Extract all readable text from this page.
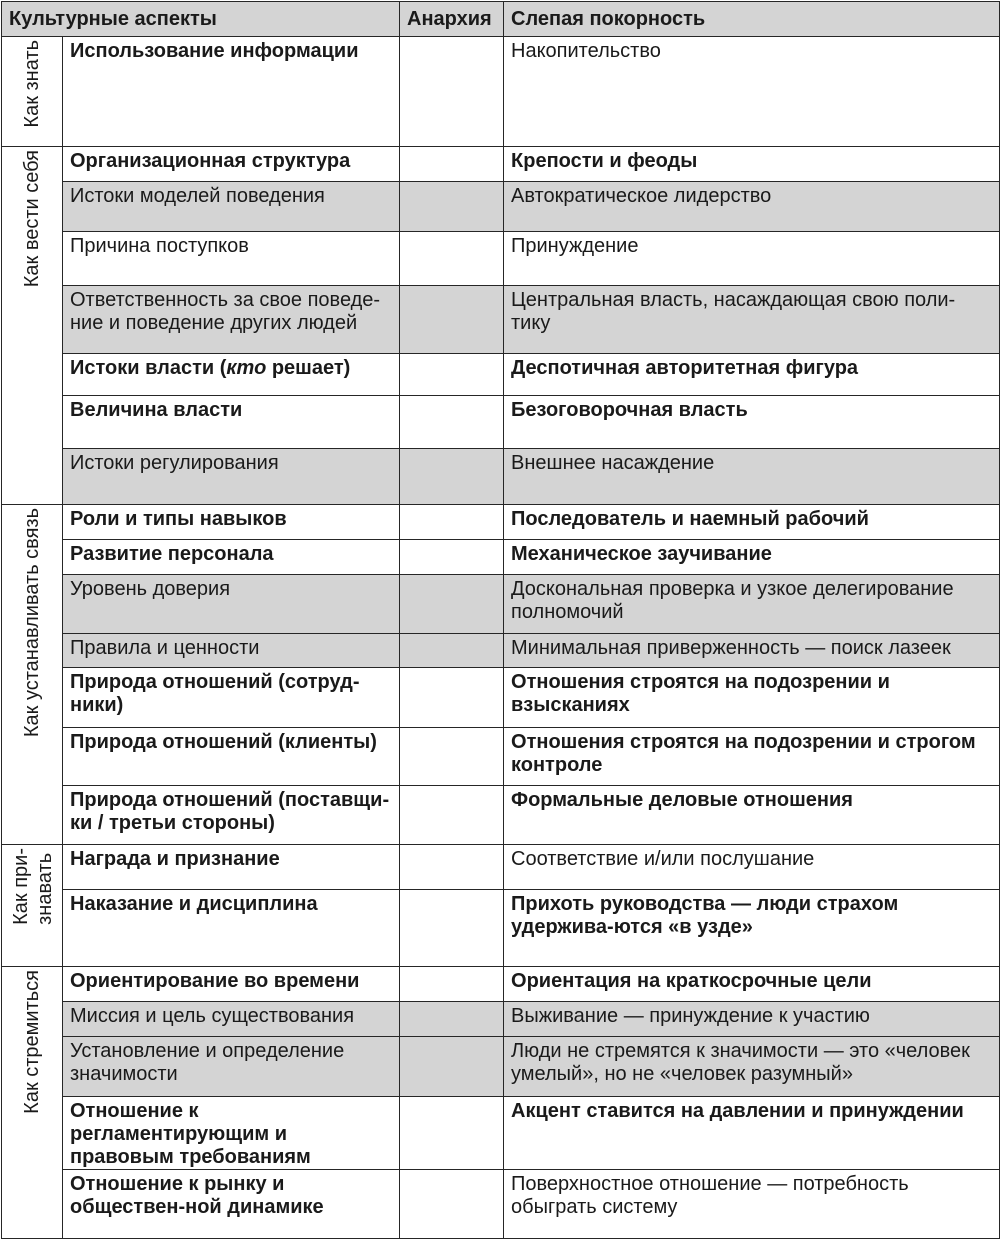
Культурные аспекты		Анархия	Слепая покорность
Как знать	Использование информации		Накопительство
Как вести себя	Организационная структура		Крепости и феоды
	Истоки моделей поведения		Автократическое лидерство
	Причина поступков		Принуждение
	Ответственность за свое поведе-ние и поведение других людей		Центральная власть, насаждающая свою поли-тику
	Истоки власти (кто решает)		Деспотичная авторитетная фигура
	Величина власти		Безоговорочная власть
	Истоки регулирования		Внешнее насаждение
Как устанавливать связь	Роли и типы навыков		Последователь и наемный рабочий
	Развитие персонала		Механическое заучивание
	Уровень доверия		Доскональная проверка и узкое делегирование полномочий
	Правила и ценности		Минимальная приверженность — поиск лазеек
	Природа отношений (сотруд-ники)		Отношения строятся на подозрении и взысканиях
	Природа отношений (клиенты)		Отношения строятся на подозрении и строгом контроле
	Природа отношений (поставщи-ки / третьи стороны)		Формальные деловые отношения
Как при- знавать	Награда и признание		Соответствие и/или послушание
	Наказание и дисциплина		Прихоть руководства — люди страхом удержива-ются «в узде»
Как стремиться	Ориентирование во времени		Ориентация на краткосрочные цели
	Миссия и цель существования		Выживание — принуждение к участию
	Установление и определение значимости		Люди не стремятся к значимости — это «человек умелый», но не «человек разумный»
	Отношение к регламентирующим и правовым требованиям		Акцент ставится на давлении и принуждении
	Отношение к рынку и обществен-ной динамике		Поверхностное отношение — потребность обыграть систему
